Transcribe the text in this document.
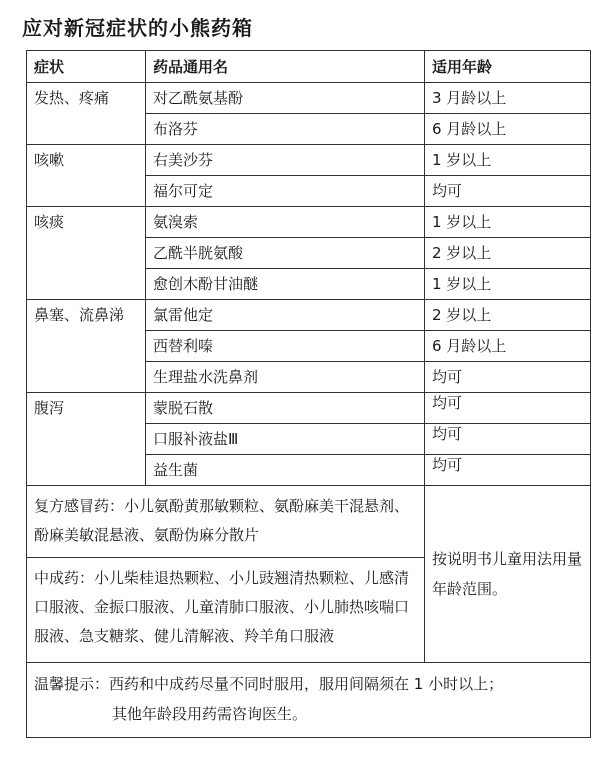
应对新冠症状的小熊药箱
症状	药品通用名	适用年龄
发热、疼痛	对乙酰氨基酚	3 月龄以上
	布洛芬	6 月龄以上
咳嗽	右美沙芬	1 岁以上
	福尔可定	均可
咳痰	氨溴索	1 岁以上
	乙酰半胱氨酸	2 岁以上
	愈创木酚甘油醚	1 岁以上
鼻塞、流鼻涕	氯雷他定	2 岁以上
	西替利嗪	6 月龄以上
	生理盐水洗鼻剂	均可
腹泻	蒙脱石散	均可
	口服补液盐Ⅲ	均可
	益生菌	均可
复方感冒药：小儿氨酚黄那敏颗粒、氨酚麻美干混悬剂、酚麻美敏混悬液、氨酚伪麻分散片		按说明书儿童用法用量年龄范围。
中成药：小儿柴桂退热颗粒、小儿豉翘清热颗粒、儿感清口服液、金振口服液、儿童清肺口服液、小儿肺热咳喘口服液、急支糖浆、健儿清解液、羚羊角口服液		

温馨提示：西药和中成药尽量不同时服用，服用间隔须在 1 小时以上；
其他年龄段用药需咨询医生。		
